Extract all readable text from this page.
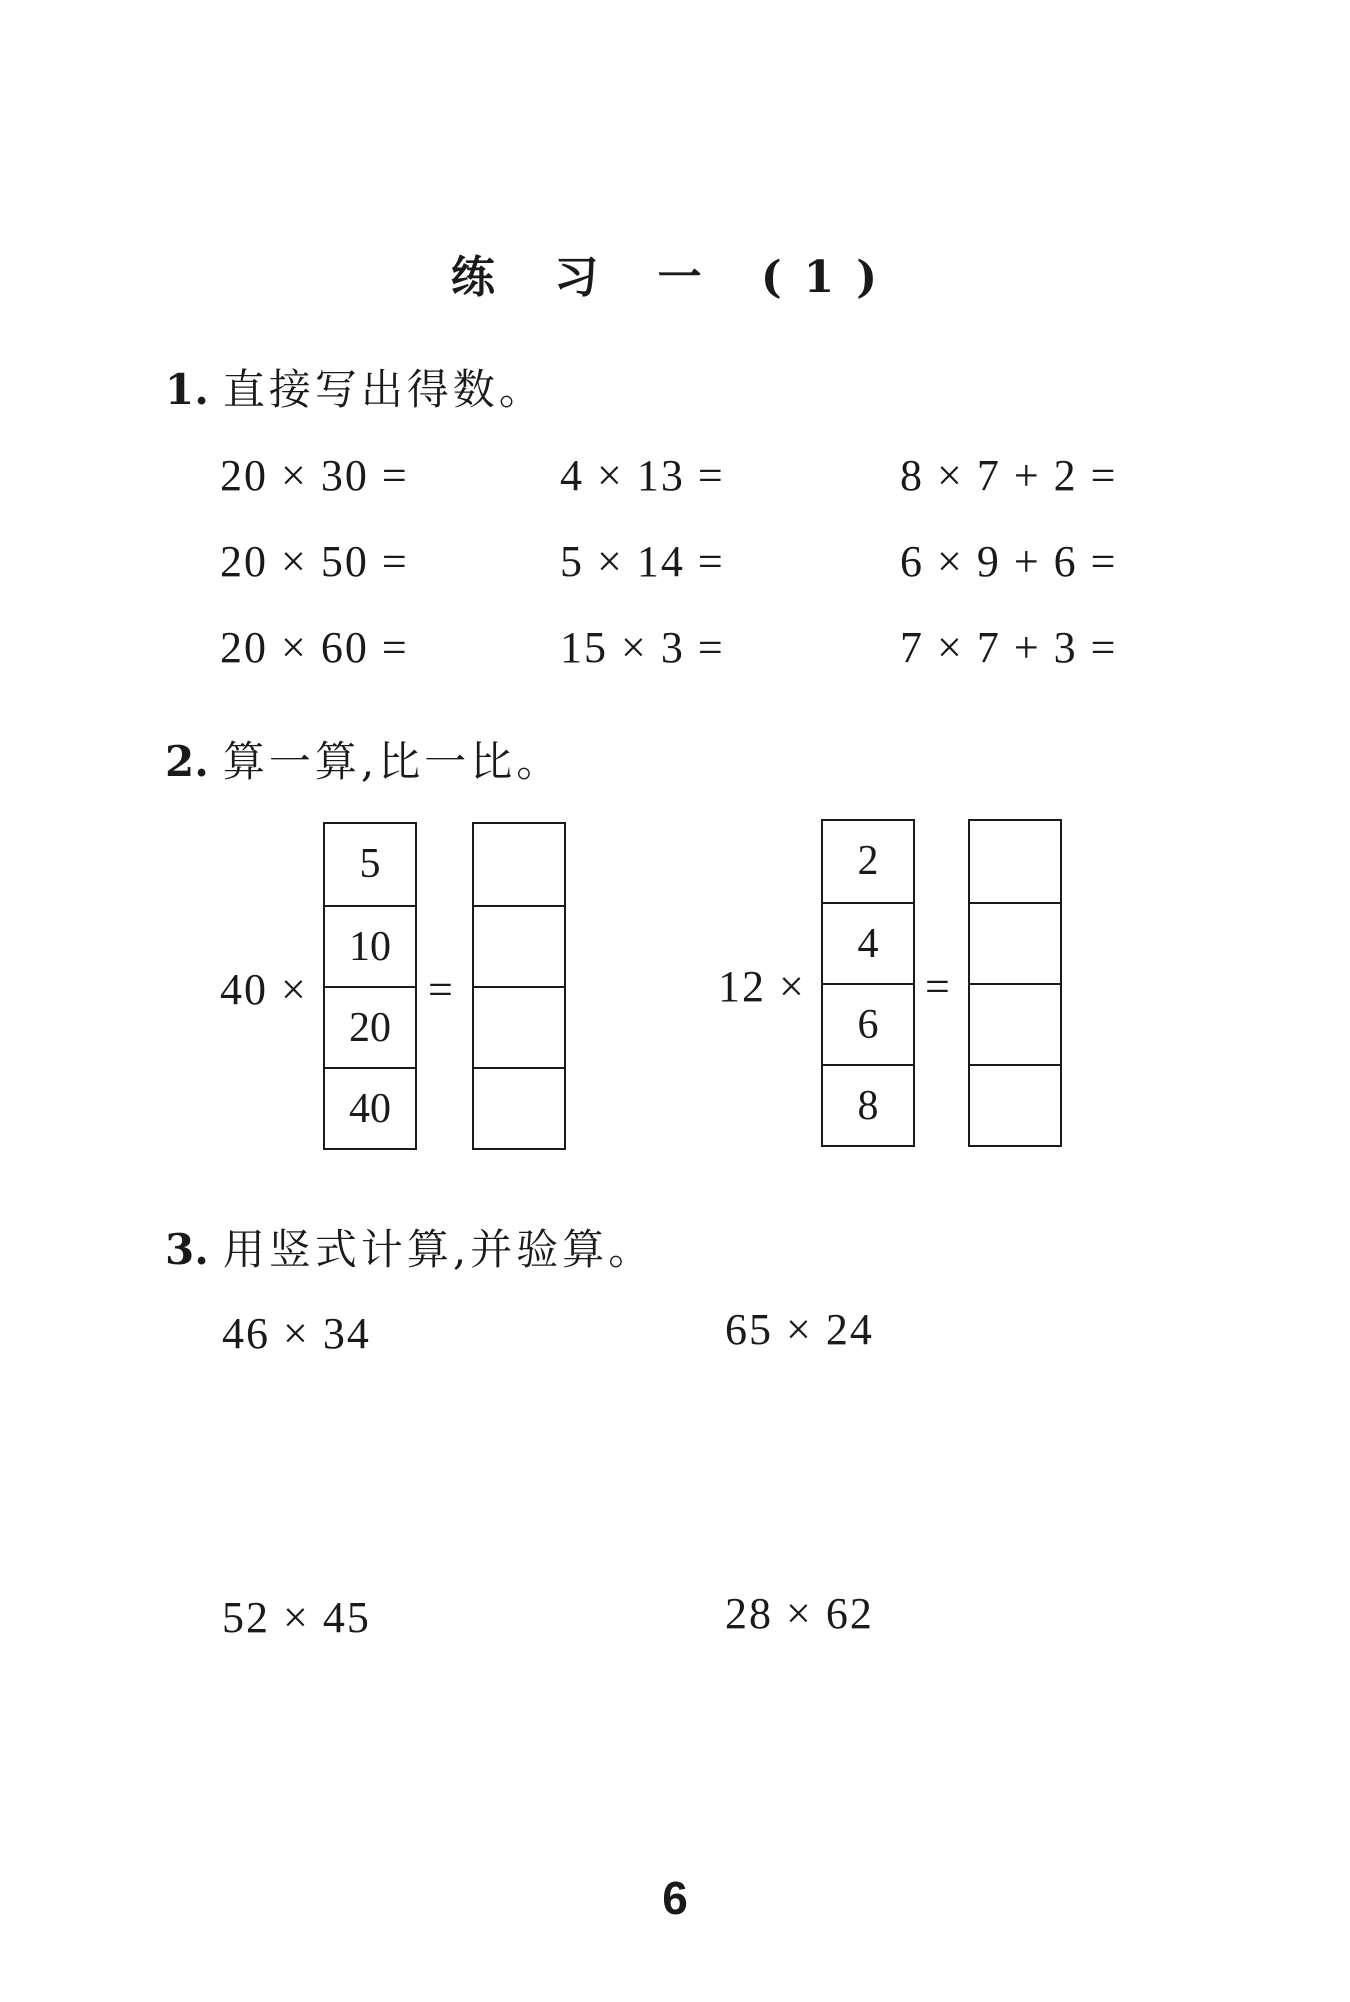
练 习 一 (1)
1. 直接写出得数。
20 × 30 =	4 × 13 =	8 × 7 + 2 =
20 × 50 =	5 × 14 =	6 × 9 + 6 =
20 × 60 =	15 × 3 =	7 × 7 + 3 =
2. 算一算,比一比。
40 ×
5
10
20
40
=	12 ×
2
4
6
8
=
3. 用竖式计算,并验算。
46 × 34	65 × 24
52 × 45	28 × 62
6
